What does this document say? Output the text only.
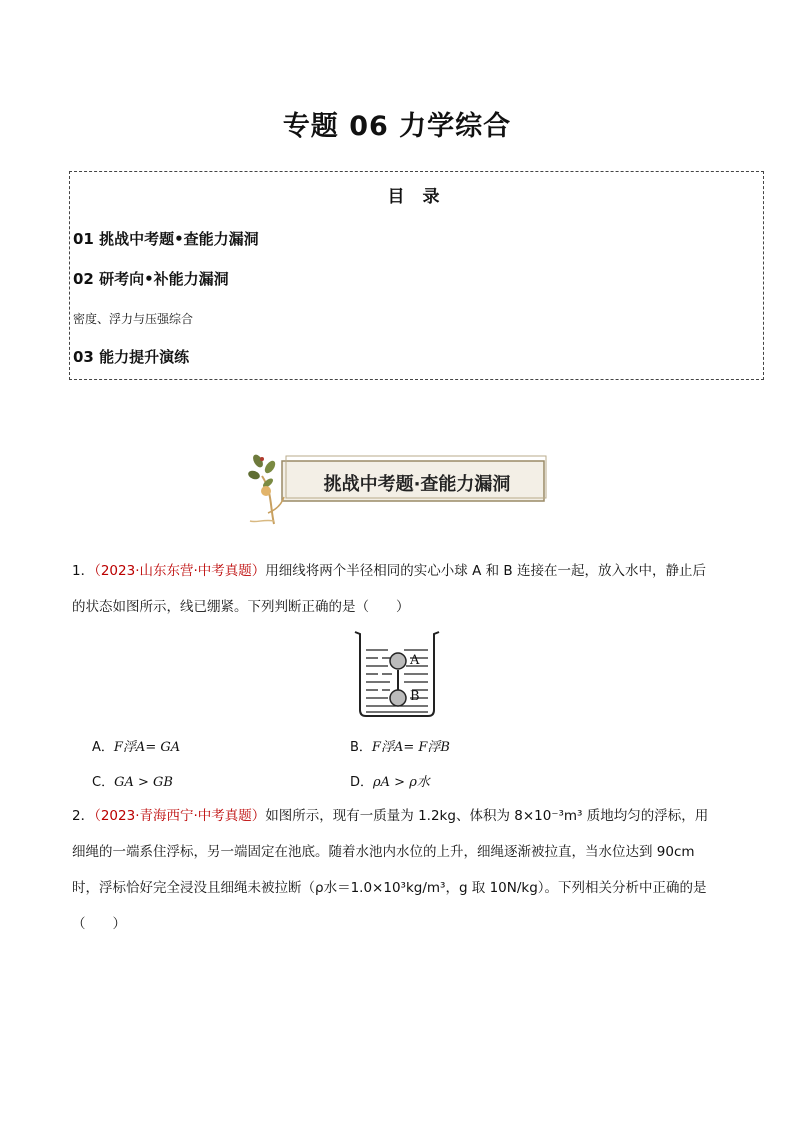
专题 06 力学综合
目 录
01 挑战中考题•查能力漏洞
02 研考向•补能力漏洞
密度、浮力与压强综合
03 能力提升演练
挑战中考题·查能力漏洞
1．（2023·山东东营·中考真题）用细线将两个半径相同的实心小球 A 和 B 连接在一起，放入水中，静止后
的状态如图所示，线已绷紧。下列判断正确的是（　　）
A
B
A．F浮A= GA	B．F浮A= F浮B
C．GA > GB	D．ρA > ρ水
2．（2023·青海西宁·中考真题）如图所示，现有一质量为 1.2kg、体积为 8×10⁻³m³ 质地均匀的浮标，用
细绳的一端系住浮标，另一端固定在池底。随着水池内水位的上升，细绳逐渐被拉直，当水位达到 90cm
时，浮标恰好完全浸没且细绳未被拉断（ρ水＝1.0×10³kg/m³，g 取 10N/kg）。下列相关分析中正确的是
（　　）
